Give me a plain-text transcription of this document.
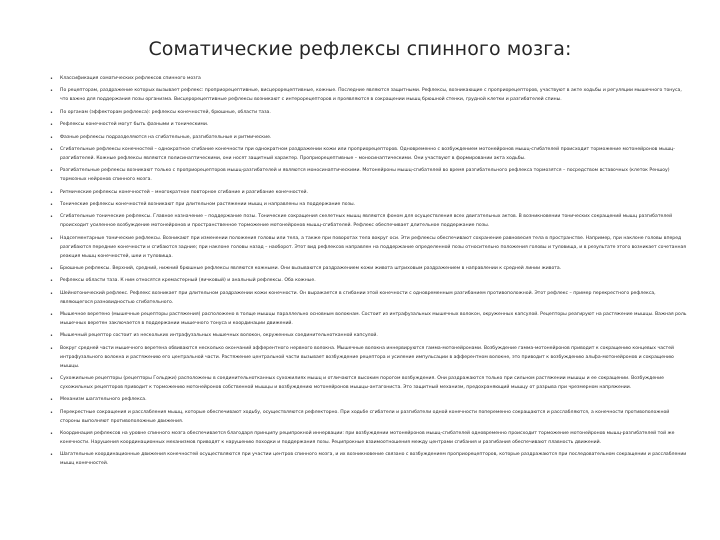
Соматические рефлексы спинного мозга:
• Классификация соматических рефлексов спинного мозга
• По рецепторам, раздражение которых вызывает рефлекс: проприорецептивные, висцерорецептивные, кожные. Последние являются защитными. Рефлексы, возникающие с проприорецепторов, участвуют в акте ходьбы и регуляции мышечного тонуса, что важно для поддержания позы организма. Висцерорецептивные рефлексы возникают с интерорецепторов и проявляются в сокращении мышц брюшной стенки, грудной клетки и разгибателей спины.
• По органам (эффекторам рефлекса): рефлексы конечностей, брюшные, области таза.
• Рефлексы конечностей могут быть фазными и тоническими.
• Фазные рефлексы подразделяются на сгибательные, разгибательные и ритмические.
• Сгибательные рефлексы конечностей – однократное сгибание конечности при однократном раздражении кожи или проприорецепторов. Одновременно с возбуждением мотонейронов мышц-сгибателей происходит торможение мотонейронов мышц-разгибателей. Кожные рефлексы являются полисинаптическими, они носят защитный характер. Проприорецептивные – моносинаптическими. Они участвуют в формировании акта ходьбы.
• Разгибательные рефлексы возникают только с проприорецепторов мышц-разгибателей и являются моносинаптическими. Мотонейроны мышц-сгибателей во время разгибательного рефлекса тормозятся – посредством вставочных (клеток Реншоу) тормозных нейронов спинного мозга.
• Ритмические рефлексы конечностей – многократное повторное сгибание и разгибание конечностей.
• Тонические рефлексы конечностей возникают при длительном растяжении мышц и направлены на поддержание позы.
• Сгибательные тонические рефлексы. Главное назначение – поддержание позы. Тонические сокращения скелетных мышц являются фоном для осуществления всех двигательных актов. В возникновении тонических сокращений мышц разгибателей происходит усиленное возбуждение мотонейронов и пространственное торможение мотонейронов мышц-сгибателей. Рефлекс обеспечивает длительное поддержание позы.
• Надсегментарные тонические рефлексы. Возникают при изменении положения головы или тела, а также при поворотах тела вокруг оси. Эти рефлексы обеспечивают сохранение равновесия тела в пространстве. Например, при наклоне головы вперед разгибаются передние конечности и сгибаются задние; при наклоне головы назад – наоборот. Этот вид рефлексов направлен на поддержание определенной позы относительно положения головы и туловища, и в результате этого возникает сочетанная реакция мышц конечностей, шеи и туловища.
• Брюшные рефлексы. Верхний, средний, нижний брюшные рефлексы являются кожными. Они вызываются раздражением кожи живота штриховым раздражением в направлении к средней линии живота.
• Рефлексы области таза. К ним относятся кремастерный (яичковый) и анальный рефлексы. Оба кожные.
• Шейнотонический рефлекс. Рефлекс возникает при длительном раздражении кожи конечности. Он выражается в сгибании этой конечности с одновременным разгибанием противоположной. Этот рефлекс – пример перекрестного рефлекса, являющегося разновидностью сгибательного.
• Мышечное веретено (мышечные рецепторы растяжения) расположено в толще мышцы параллельно основным волокнам. Состоит из интрафузальных мышечных волокон, окруженных капсулой. Рецепторы реагируют на растяжение мышцы. Важная роль мышечных веретен заключается в поддержании мышечного тонуса и координации движений.
• Мышечный рецептор состоит из нескольких интрафузальных мышечных волокон, окруженных соединительнотканной капсулой.
• Вокруг средней части мышечного веретена обвиваются несколько окончаний афферентного нервного волокна. Мышечные волокна иннервируются гамма-мотонейронами. Возбуждение гамма-мотонейронов приводит к сокращению концевых частей интрафузального волокна и растяжению его центральной части. Растяжение центральной части вызывает возбуждение рецептора и усиление импульсации в афферентном волокне, это приводит к возбуждению альфа-мотонейронов и сокращению мышцы.
• Сухожильные рецепторы (рецепторы Гольджи) расположены в соединительнотканных сухожилиях мышц и отличаются высоким порогом возбуждения. Они раздражаются только при сильном растяжении мышцы и ее сокращении. Возбуждение сухожильных рецепторов приводит к торможению мотонейронов собственной мышцы и возбуждению мотонейронов мышцы-антагониста. Это защитный механизм, предохраняющий мышцу от разрыва при чрезмерном напряжении.
• Механизм шагательного рефлекса.
• Перекрестные сокращения и расслабления мышц, которые обеспечивают ходьбу, осуществляются рефлекторно. При ходьбе сгибатели и разгибатели одной конечности попеременно сокращаются и расслабляются, а конечности противоположной стороны выполняют противоположные движения.
• Координация рефлексов на уровне спинного мозга обеспечивается благодаря принципу реципрокной иннервации: при возбуждении мотонейронов мышц-сгибателей одновременно происходит торможение мотонейронов мышц-разгибателей той же конечности. Нарушения координационных механизмов приводят к нарушению походки и поддержания позы. Реципрокные взаимоотношения между центрами сгибания и разгибания обеспечивают плавность движений.
• Шагательные координационные движения конечностей осуществляются при участии центров спинного мозга, и их возникновение связано с возбуждением проприорецепторов, которые раздражаются при последовательном сокращении и расслаблении мышц конечностей.
